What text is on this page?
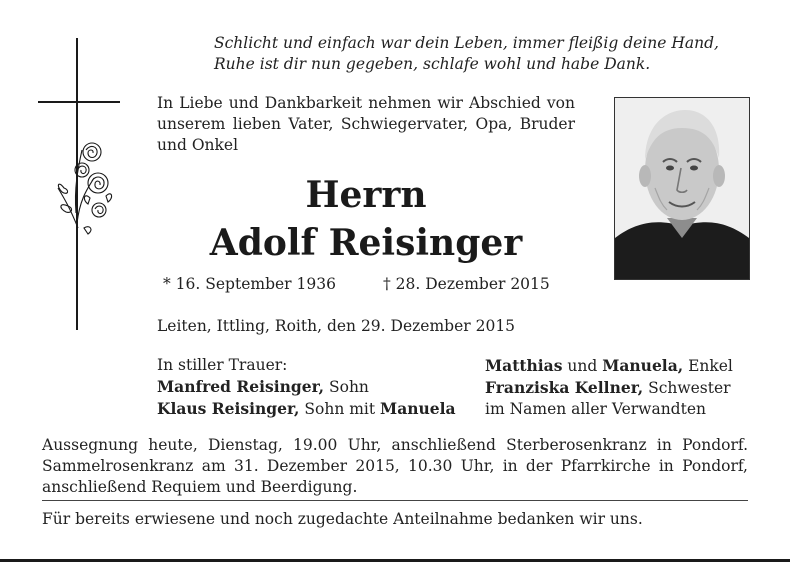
Schlicht und einfach war dein Leben, immer fleißig deine Hand,
Ruhe ist dir nun gegeben, schlafe wohl und habe Dank.
In Liebe und Dankbarkeit nehmen wir Abschied von unserem lieben Vater, Schwiegervater, Opa, Bruder und Onkel
Herrn
Adolf Reisinger
* 16. September 1936	† 28. Dezember 2015
Leiten, Ittling, Roith, den 29. Dezember 2015
In stiller Trauer:
Manfred Reisinger, Sohn
Klaus Reisinger, Sohn mit Manuela
Matthias und Manuela, Enkel
Franziska Kellner, Schwester
im Namen aller Verwandten
Aussegnung heute, Dienstag, 19.00 Uhr, anschließend Sterberosenkranz in Pondorf. Sammelrosenkranz am 31. Dezember 2015, 10.30 Uhr, in der Pfarrkirche in Pondorf, anschließend Requiem und Beerdigung.
Für bereits erwiesene und noch zugedachte Anteilnahme bedanken wir uns.
